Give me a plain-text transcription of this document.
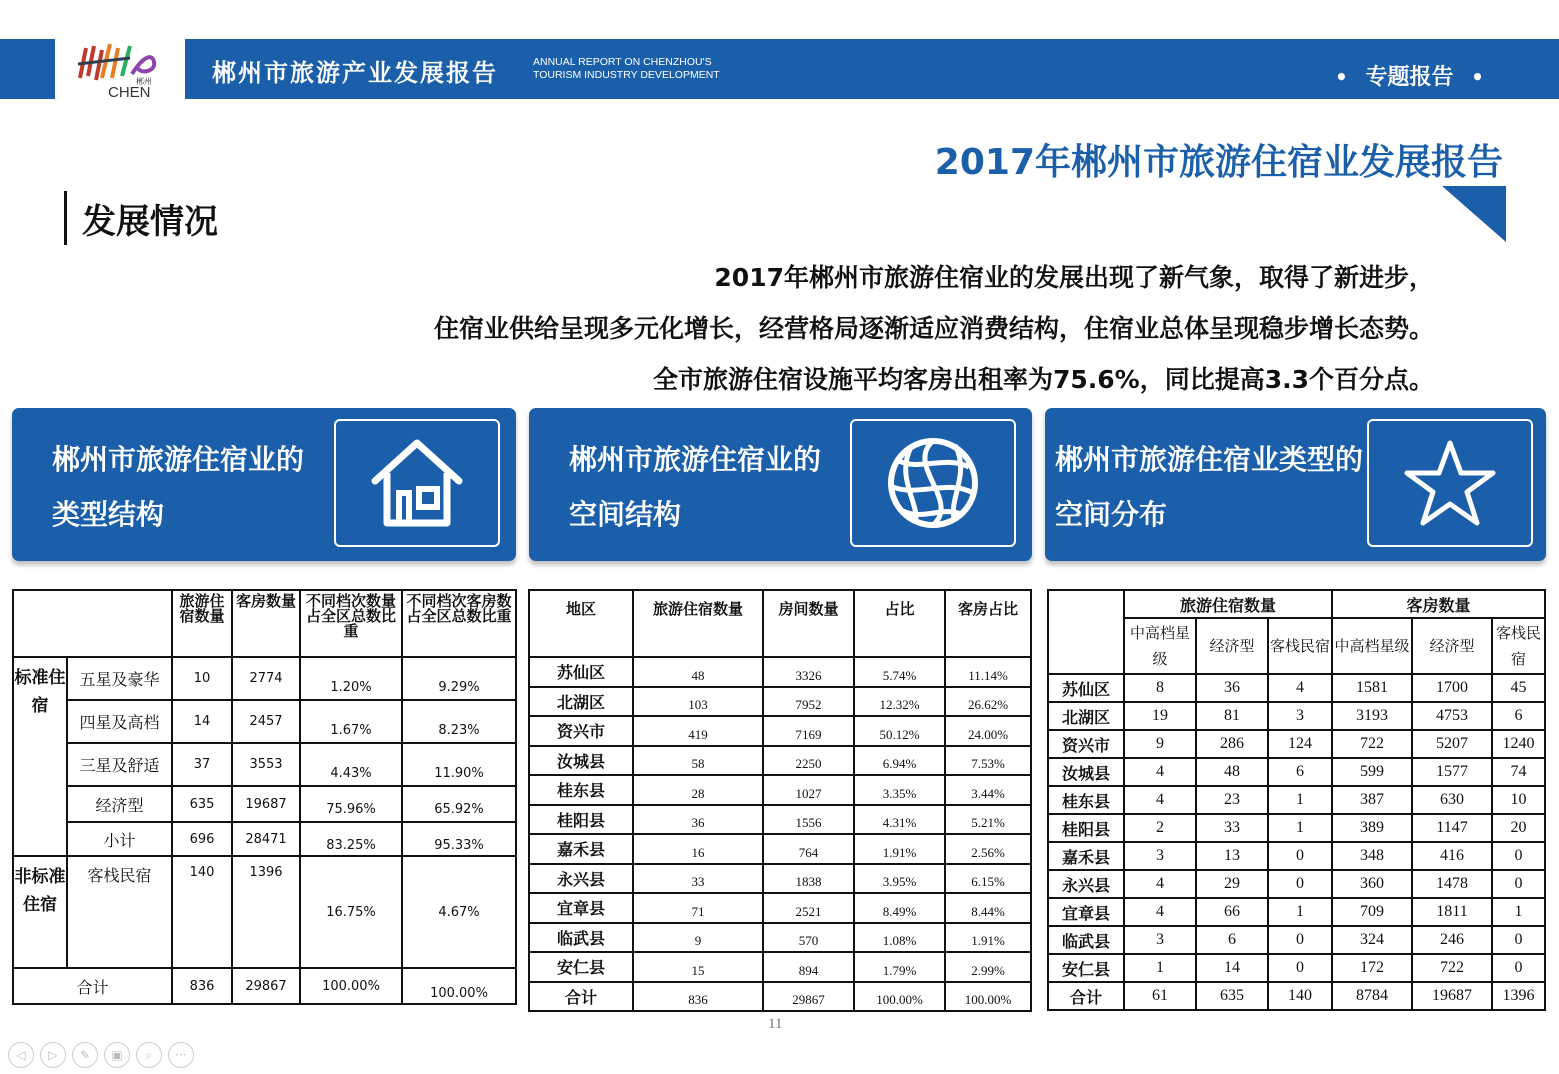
郴州
CHEN
郴州市旅游产业发展报告	ANNUAL REPORT ON CHENZHOU'S
TOURISM INDUSTRY DEVELOPMENT	• 专题报告 •
2017年郴州市旅游住宿业发展报告
发展情况
2017年郴州市旅游住宿业的发展出现了新气象，取得了新进步，
住宿业供给呈现多元化增长，经营格局逐渐适应消费结构，住宿业总体呈现稳步增长态势。
全市旅游住宿设施平均客房出租率为75.6%，同比提高3.3个百分点。
郴州市旅游住宿业的
类型结构
郴州市旅游住宿业的
空间结构
郴州市旅游住宿业类型的
空间分布
		旅游住宿数量	客房数量	不同档次数量占全区总数比重	不同档次客房数占全区总数比重
标准住宿	五星及豪华	10	2774	1.20%	9.29%
	四星及高档	14	2457	1.67%	8.23%
	三星及舒适	37	3553	4.43%	11.90%
	经济型	635	19687	75.96%	65.92%
	小计	696	28471	83.25%	95.33%
非标准住宿	客栈民宿	140	1396	16.75%	4.67%
合计		836	29867	100.00%	100.00%
地区	旅游住宿数量	房间数量	占比	客房占比
苏仙区	48	3326	5.74%	11.14%
北湖区	103	7952	12.32%	26.62%
资兴市	419	7169	50.12%	24.00%
汝城县	58	2250	6.94%	7.53%
桂东县	28	1027	3.35%	3.44%
桂阳县	36	1556	4.31%	5.21%
嘉禾县	16	764	1.91%	2.56%
永兴县	33	1838	3.95%	6.15%
宜章县	71	2521	8.49%	8.44%
临武县	9	570	1.08%	1.91%
安仁县	15	894	1.79%	2.99%
合计	836	29867	100.00%	100.00%
	旅游住宿数量			客房数量		
	中高档星级	经济型	客栈民宿	中高档星级	经济型	客栈民宿
苏仙区	8	36	4	1581	1700	45
北湖区	19	81	3	3193	4753	6
资兴市	9	286	124	722	5207	1240
汝城县	4	48	6	599	1577	74
桂东县	4	23	1	387	630	10
桂阳县	2	33	1	389	1147	20
嘉禾县	3	13	0	348	416	0
永兴县	4	29	0	360	1478	0
宜章县	4	66	1	709	1811	1
临武县	3	6	0	324	246	0
安仁县	1	14	0	172	722	0
合计	61	635	140	8784	19687	1396
11
◁	▷	✎	▣	⌕	···
